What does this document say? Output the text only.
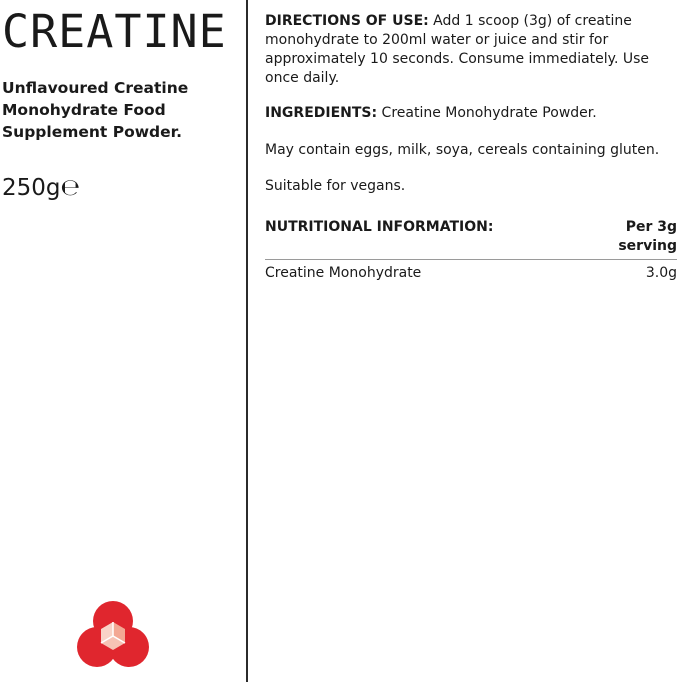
CREATINE
Unflavoured Creatine Monohydrate Food Supplement Powder.
250g℮
DIRECTIONS OF USE: Add 1 scoop (3g) of creatine monohydrate to 200ml water or juice and stir for approximately 10 seconds. Consume immediately. Use once daily.
INGREDIENTS: Creatine Monohydrate Powder.
May contain eggs, milk, soya, cereals containing gluten.
Suitable for vegans.
NUTRITIONAL INFORMATION:	Per 3g
serving
Creatine Monohydrate	3.0g
